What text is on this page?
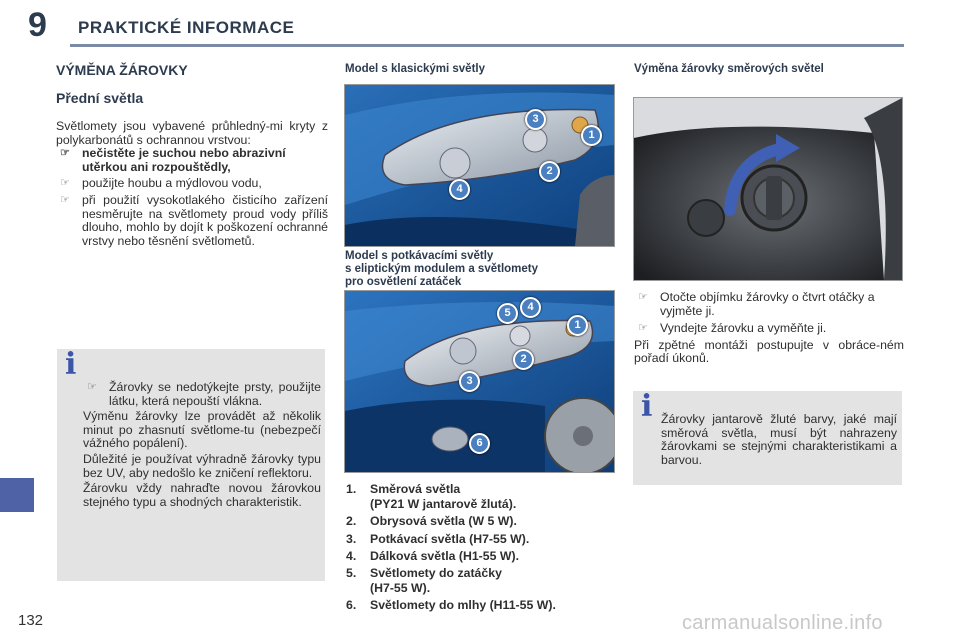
9 PRAKTICKÉ INFORMACE
132	carmanualsonline.info
VÝMĚNA ŽÁROVKY
Přední světla

Světlomety jsou vybavené průhledný-mi kryty z polykarbonátů s ochrannou vrstvou:

☞ nečistěte je suchou nebo abrazivní utěrkou ani rozpouštědly,
☞ použijte houbu a mýdlovou vodu,
☞ při použití vysokotlakého čisticího zařízení nesměrujte na světlomety proud vody příliš dlouho, mohlo by dojít k poškození ochranné vrstvy nebo těsnění světlometů.
i
☞ Žárovky se nedotýkejte prsty, použijte látku, která nepouští vlákna.

Výměnu žárovky lze provádět až několik minut po zhasnutí světlome-tu (nebezpečí vážného popálení).

Důležité je používat výhradně žárovky typu bez UV, aby nedošlo ke zničení reflektoru.

Žárovku vždy nahraďte novou žárovkou stejného typu a shodných charakteristik.

Model s klasickými světly
3
1
2
4
Model s potkávacími světly
s eliptickým modulem a světlomety
pro osvětlení zatáček
5	4
1
2
3
6
1. Směrová světla
(PY21 W jantarově žlutá).
2. Obrysová světla (W 5 W).
3. Potkávací světla (H7-55 W).
4. Dálková světla (H1-55 W).
5. Světlomety do zatáčky
(H7-55 W).
6. Světlomety do mlhy (H11-55 W).
Výměna žárovky směrových světel
☞ Otočte objímku žárovky o čtvrt otáčky a vyjměte ji.
☞ Vyndejte žárovku a vyměňte ji.

Při zpětné montáži postupujte v obráce-ném pořadí úkonů.

i Žárovky jantarově žluté barvy, jaké mají směrová světla, musí být nahrazeny žárovkami se stejnými charakteristikami a barvou.
